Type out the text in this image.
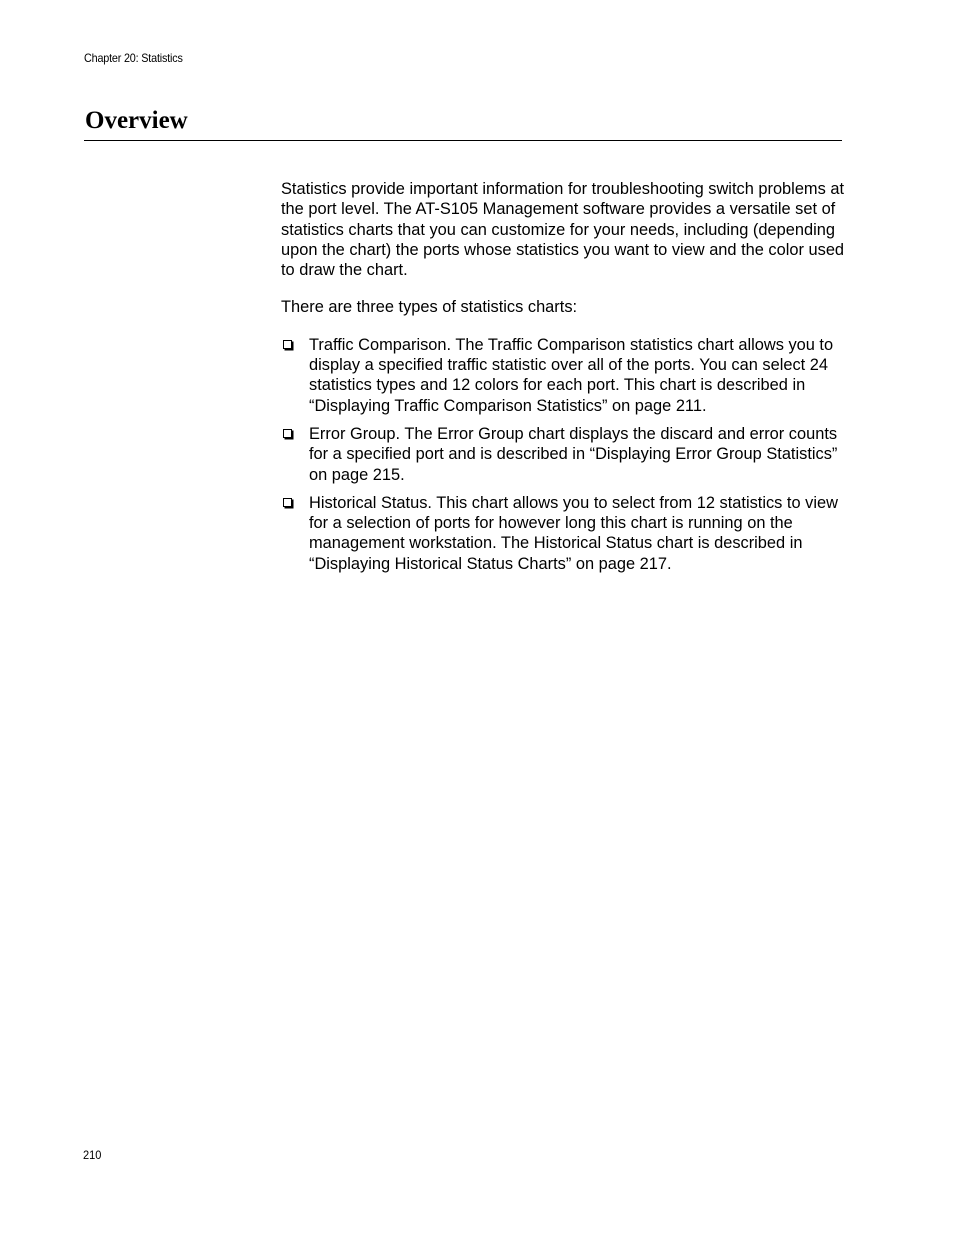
Chapter 20: Statistics
Overview

Statistics provide important information for troubleshooting switch problems at the port level. The AT-S105 Management software provides a versatile set of statistics charts that you can customize for your needs, including (depending upon the chart) the ports whose statistics you want to view and the color used to draw the chart.

There are three types of statistics charts:

Traffic Comparison. The Traffic Comparison statistics chart allows you to display a specified traffic statistic over all of the ports. You can select 24 statistics types and 12 colors for each port. This chart is described in “Displaying Traffic Comparison Statistics” on page 211.
Error Group. The Error Group chart displays the discard and error counts for a specified port and is described in “Displaying Error Group Statistics” on page 215.
Historical Status. This chart allows you to select from 12 statistics to view for a selection of ports for however long this chart is running on the management workstation. The Historical Status chart is described in “Displaying Historical Status Charts” on page 217.
210
